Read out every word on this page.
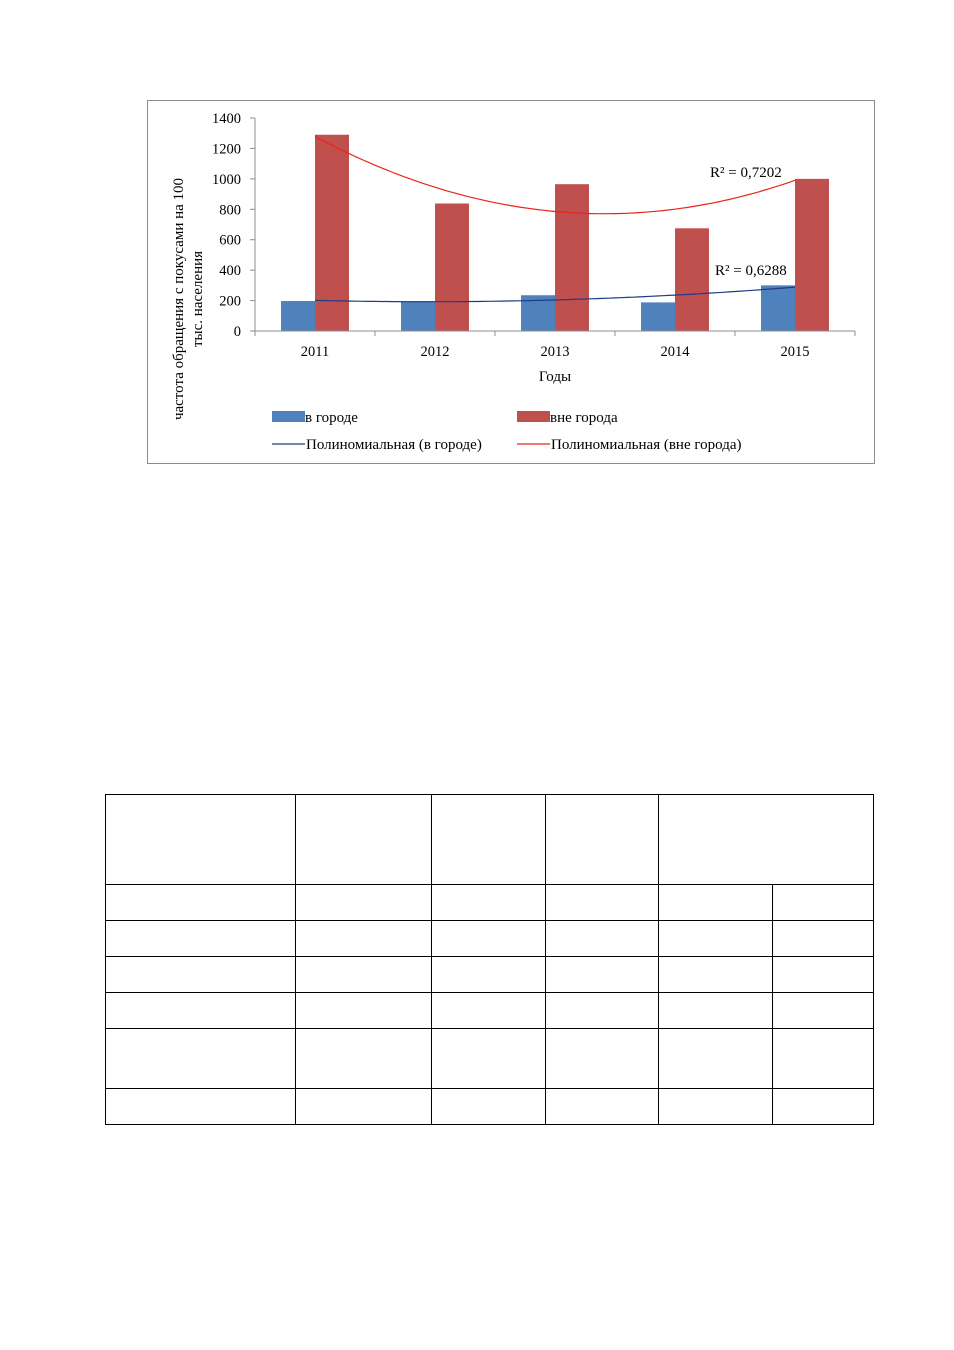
частота обращения с покусами на 100 тыс. населения 0
200
400
600
800
1000
1200
1400
2011	2012	2013	2014	2015
Годы
R² = 0,6288
R² = 0,7202
в городе	вне города
Полиномиальная (в городе)	Полиномиальная (вне города)
